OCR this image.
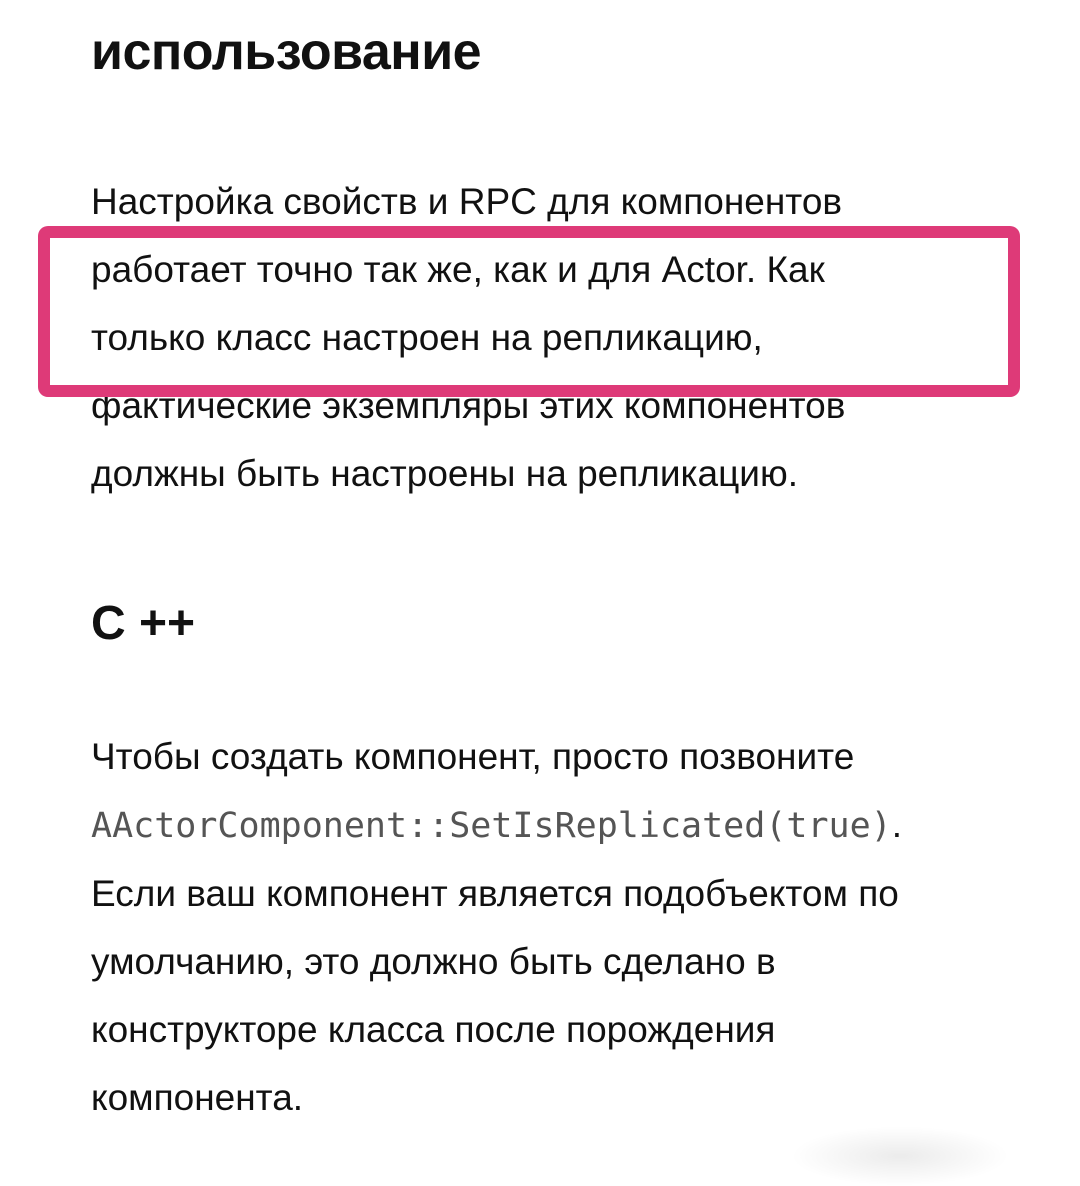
использование

Настройка свойств и RPC для компонентов
работает точно так же, как и для Actor. Как
только класс настроен на репликацию,
фактические экземпляры этих компонентов
должны быть настроены на репликацию.

C ++

Чтобы создать компонент, просто позвоните
AActorComponent::SetIsReplicated(true).
Если ваш компонент является подобъектом по
умолчанию, это должно быть сделано в
конструкторе класса после порождения
компонента.
